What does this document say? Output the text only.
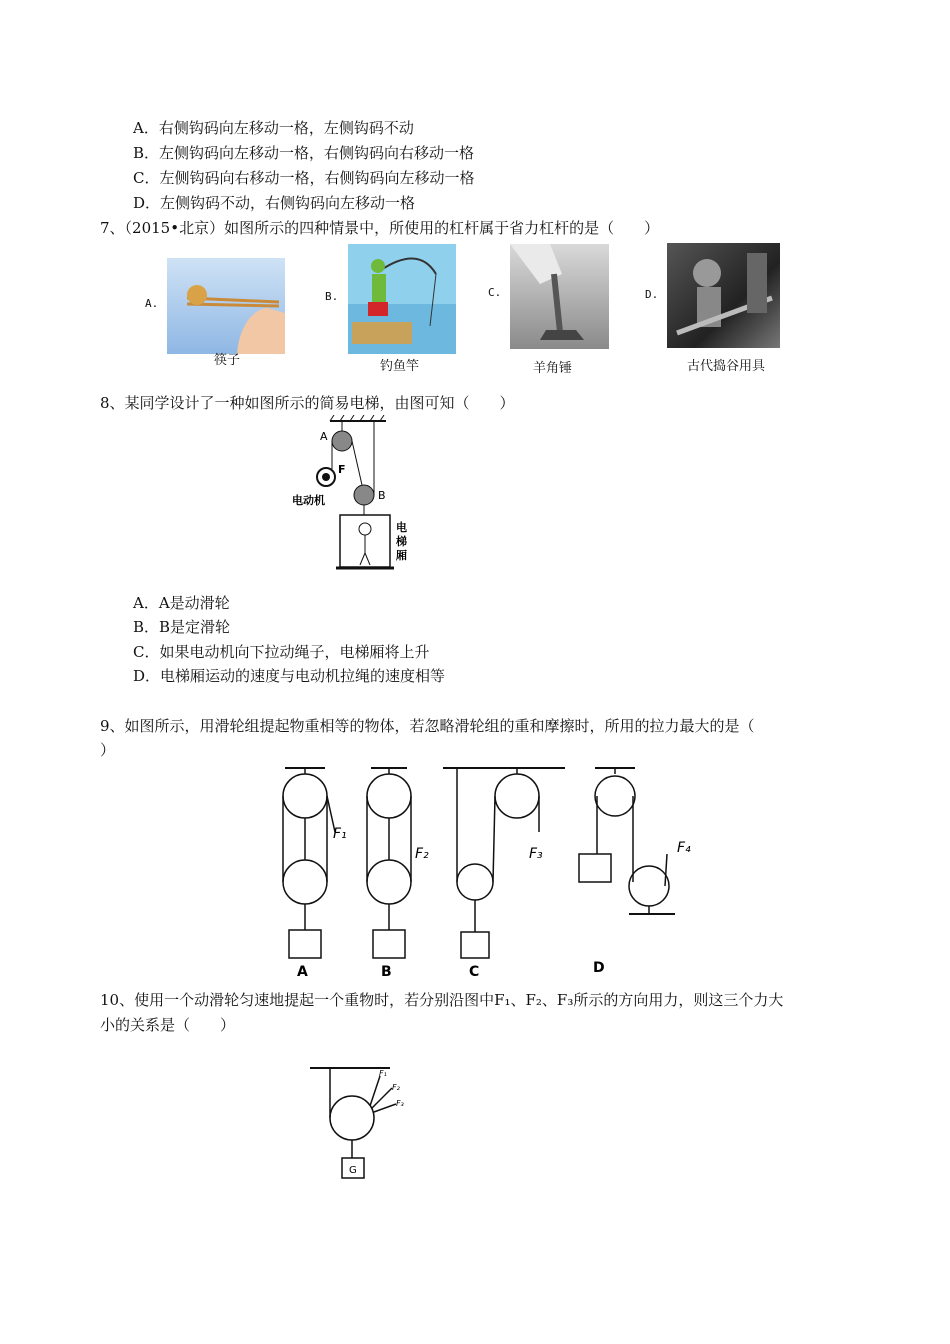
A．右侧钩码向左移动一格，左侧钩码不动
B．左侧钩码向左移动一格，右侧钩码向右移动一格
C．左侧钩码向右移动一格，右侧钩码向左移动一格
D．左侧钩码不动，右侧钩码向左移动一格
7、（2015•北京）如图所示的四种情景中，所使用的杠杆属于省力杠杆的是（　　）
A.
筷子
B.
钓鱼竿
C.
羊角锤
D.
古代捣谷用具
8、某同学设计了一种如图所示的简易电梯，由图可知（　　）
A
F
B
电动机
电
梯
厢
A．A是动滑轮
B．B是定滑轮
C．如果电动机向下拉动绳子，电梯厢将上升
D．电梯厢运动的速度与电动机拉绳的速度相等
9、如图所示，用滑轮组提起物重相等的物体，若忽略滑轮组的重和摩擦时，所用的拉力最大的是（
）
F₁
F₂	F₃	F₄
A	B	C	D
10、使用一个动滑轮匀速地提起一个重物时，若分别沿图中F₁、F₂、F₃所示的方向用力，则这三个力大
小的关系是（　　）
F₁
F₂
F₃
G
